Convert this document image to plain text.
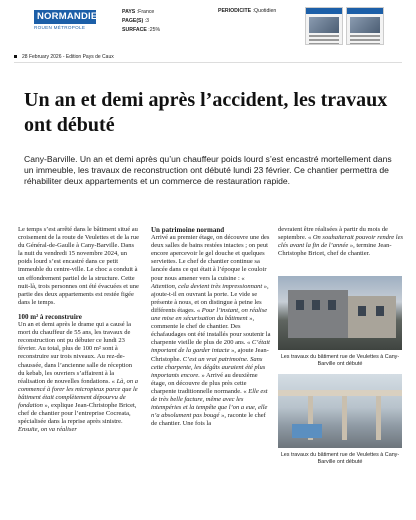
NORMANDIE
ROUEN MÉTROPOLE
PAYS :France
PAGE(S) :3
SURFACE :25%
PERIODICITE :Quotidien
28 February 2026 - Edition Pays de Caux
Un an et demi après l’accident, les travaux ont débuté

Cany-Barville. Un an et demi après qu’un chauffeur poids lourd s’est encastré mortellement dans un immeuble, les travaux de reconstruction ont débuté lundi 23 février. Ce chantier permettra de réhabiliter deux appartements et un commerce de restauration rapide.

Le temps s’est arrêté dans le bâtiment situé au croisement de la route de Veulettes et de la rue du Général-de-Gaulle à Cany-Barville. Dans la nuit du vendredi 15 novembre 2024, un poids lourd s’est encastré dans ce petit immeuble du centre-ville. Le choc a conduit à un effondrement partiel de la structure. Cette nuit-là, trois personnes ont été évacuées et une partie des deux appartements est restée figée dans le temps.

100 m² à reconstruire

Un an et demi après le drame qui a causé la mort du chauffeur de 55 ans, les travaux de reconstruction ont pu débuter ce lundi 23 février. Au total, plus de 100 m² sont à reconstruire sur trois niveaux. Au rez-de-chaussée, dans l’ancienne salle de réception du kebab, les ouvriers s’affairent à la réalisation de nouvelles fondations. « Là, on a commencé à forer les micropieux parce que le bâtiment était complètement dépourvu de fondation », explique Jean-Christophe Bricet, chef de chantier pour l’entreprise Cocreata, spécialisée dans la reprise après sinistre. Ensuite, on va réaliser

Un patrimoine normand

Arrivé au premier étage, on découvre une des deux salles de bains restées intactes ; on peut encore apercevoir le gel douche et quelques serviettes. Le chef de chantier continue sa lancée dans ce qui était à l’époque le couloir pour nous amener vers la cuisine : « Attention, cela devient très impressionnant », ajoute-t-il en ouvrant la porte. Le vide se présente à nous, et on distingue à peine les différents étages. « Pour l’instant, on réalise une mise en sécurisation du bâtiment », commente le chef de chantier. Des échafaudages ont été installés pour soutenir la charpente vieille de plus de 200 ans. « C’était important de la garder intacte », ajoute Jean-Christophe. C’est un vrai patrimoine. Sans cette charpente, les dégâts auraient été plus importants encore. » Arrivé au deuxième étage, on découvre de plus près cette charpente traditionnelle normande. « Elle est de très belle facture, même avec les intempéries et la tempête que l’on a eue, elle n’a absolument pas bougé », raconte le chef de chantier. Une fois la

devraient être réalisées à partir du mois de septembre. « On souhaiterait pouvoir rendre les clés avant la fin de l’année », termine Jean-Christophe Bricet, chef de chantier.

Les travaux du bâtiment rue de Veulettes à Cany-Barville ont débuté
Les travaux du bâtiment rue de Veulettes à Cany-Barville ont débuté
